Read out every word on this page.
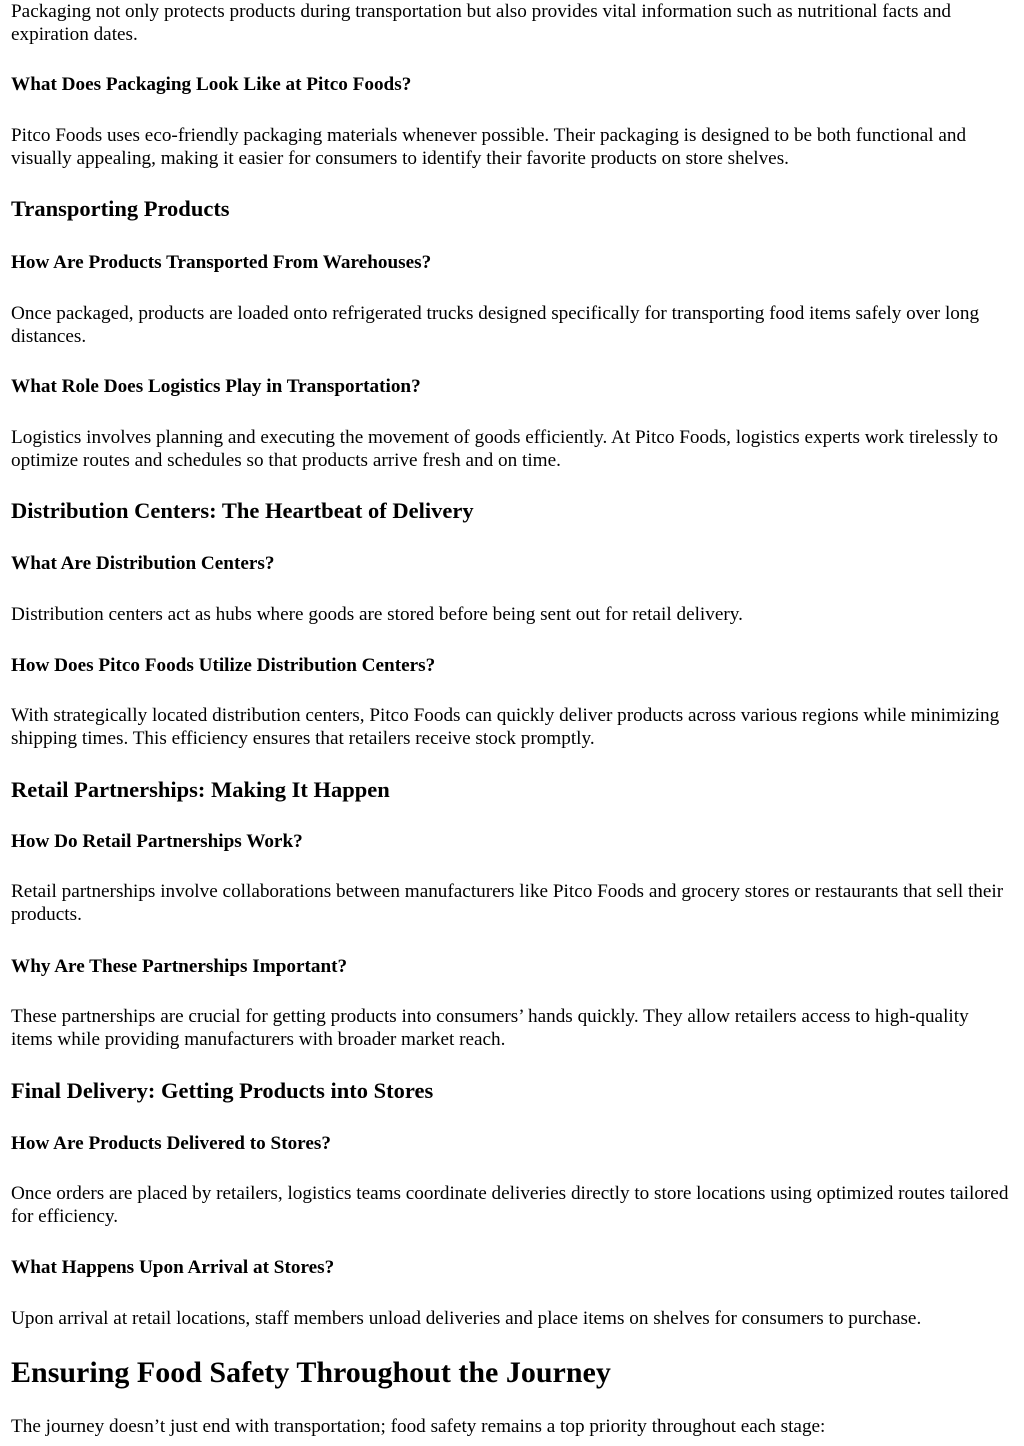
Packaging not only protects products during transportation but also provides vital information such as nutritional facts and expiration dates.

What Does Packaging Look Like at Pitco Foods?

Pitco Foods uses eco-friendly packaging materials whenever possible. Their packaging is designed to be both functional and visually appealing, making it easier for consumers to identify their favorite products on store shelves.

Transporting Products
How Are Products Transported From Warehouses?

Once packaged, products are loaded onto refrigerated trucks designed specifically for transporting food items safely over long distances.

What Role Does Logistics Play in Transportation?

Logistics involves planning and executing the movement of goods efficiently. At Pitco Foods, logistics experts work tirelessly to optimize routes and schedules so that products arrive fresh and on time.

Distribution Centers: The Heartbeat of Delivery
What Are Distribution Centers?

Distribution centers act as hubs where goods are stored before being sent out for retail delivery.

How Does Pitco Foods Utilize Distribution Centers?

With strategically located distribution centers, Pitco Foods can quickly deliver products across various regions while minimizing shipping times. This efficiency ensures that retailers receive stock promptly.

Retail Partnerships: Making It Happen
How Do Retail Partnerships Work?

Retail partnerships involve collaborations between manufacturers like Pitco Foods and grocery stores or restaurants that sell their products.

Why Are These Partnerships Important?

These partnerships are crucial for getting products into consumers’ hands quickly. They allow retailers access to high-quality items while providing manufacturers with broader market reach.

Final Delivery: Getting Products into Stores
How Are Products Delivered to Stores?

Once orders are placed by retailers, logistics teams coordinate deliveries directly to store locations using optimized routes tailored for efficiency.

What Happens Upon Arrival at Stores?

Upon arrival at retail locations, staff members unload deliveries and place items on shelves for consumers to purchase.

Ensuring Food Safety Throughout the Journey

The journey doesn’t just end with transportation; food safety remains a top priority throughout each stage:
